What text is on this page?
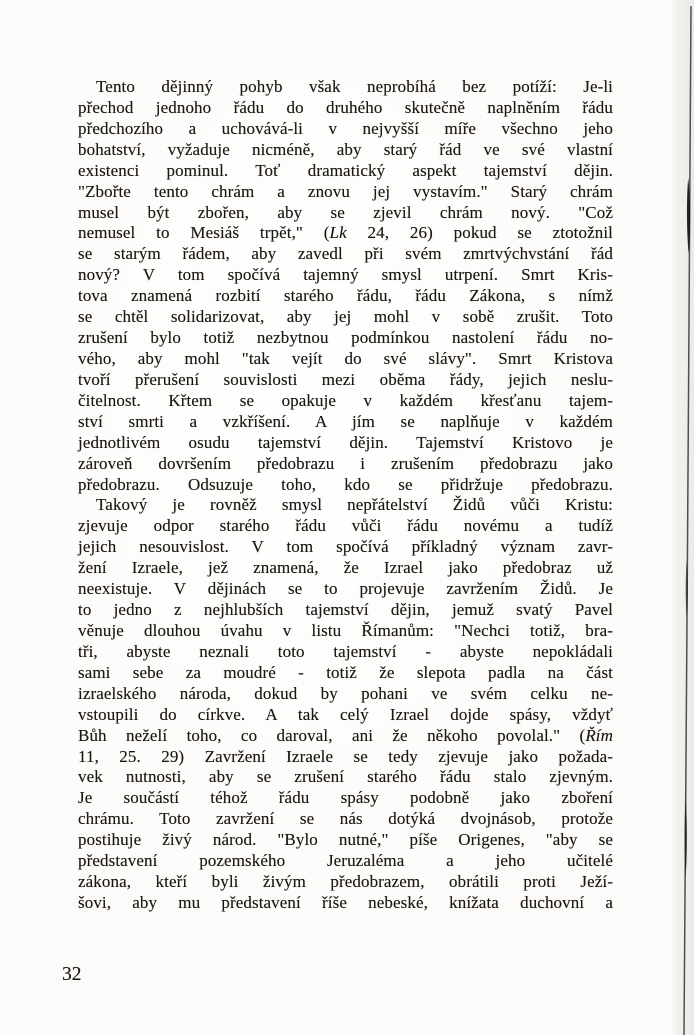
Tento dějinný pohyb však neprobíhá bez potíží: Je-li
přechod jednoho řádu do druhého skutečně naplněním řádu
předchozího a uchovává-li v nejvyšší míře všechno jeho
bohatství, vyžaduje nicméně, aby starý řád ve své vlastní
existenci pominul. Toť dramatický aspekt tajemství dějin.
"Zbořte tento chrám a znovu jej vystavím." Starý chrám
musel být zbořen, aby se zjevil chrám nový. "Což
nemusel to Mesiáš trpět," (Lk 24, 26) pokud se ztotožnil
se starým řádem, aby zavedl při svém zmrtvýchvstání řád
nový? V tom spočívá tajemný smysl utrpení. Smrt Kris-
tova znamená rozbití starého řádu, řádu Zákona, s nímž
se chtěl solidarizovat, aby jej mohl v sobě zrušit. Toto
zrušení bylo totiž nezbytnou podmínkou nastolení řádu no-
vého, aby mohl "tak vejít do své slávy". Smrt Kristova
tvoří přerušení souvislosti mezi oběma řády, jejich neslu-
čitelnost. Křtem se opakuje v každém křesťanu tajem-
ství smrti a vzkříšení. A jím se naplňuje v každém
jednotlivém osudu tajemství dějin. Tajemství Kristovo je
zároveň dovršením předobrazu i zrušením předobrazu jako
předobrazu. Odsuzuje toho, kdo se přidržuje předobrazu.
Takový je rovněž smysl nepřátelství Židů vůči Kristu:
zjevuje odpor starého řádu vůči řádu novému a tudíž
jejich nesouvislost. V tom spočívá příkladný význam zavr-
žení Izraele, jež znamená, že Izrael jako předobraz už
neexistuje. V dějinách se to projevuje zavržením Židů. Je
to jedno z nejhlubších tajemství dějin, jemuž svatý Pavel
věnuje dlouhou úvahu v listu Římanům: "Nechci totiž, bra-
tři, abyste neznali toto tajemství - abyste nepokládali
sami sebe za moudré - totiž že slepota padla na část
izraelského národa, dokud by pohani ve svém celku ne-
vstoupili do církve. A tak celý Izrael dojde spásy, vždyť
Bůh neželí toho, co daroval, ani že někoho povolal." (Řím
11, 25. 29) Zavržení Izraele se tedy zjevuje jako požada-
vek nutnosti, aby se zrušení starého řádu stalo zjevným.
Je součástí téhož řádu spásy podobně jako zboření
chrámu. Toto zavržení se nás dotýká dvojnásob, protože
postihuje živý národ. "Bylo nutné," píše Origenes, "aby se
představení pozemského Jeruzaléma a jeho učitelé
zákona, kteří byli živým předobrazem, obrátili proti Ježí-
šovi, aby mu představení říše nebeské, knížata duchovní a
32
